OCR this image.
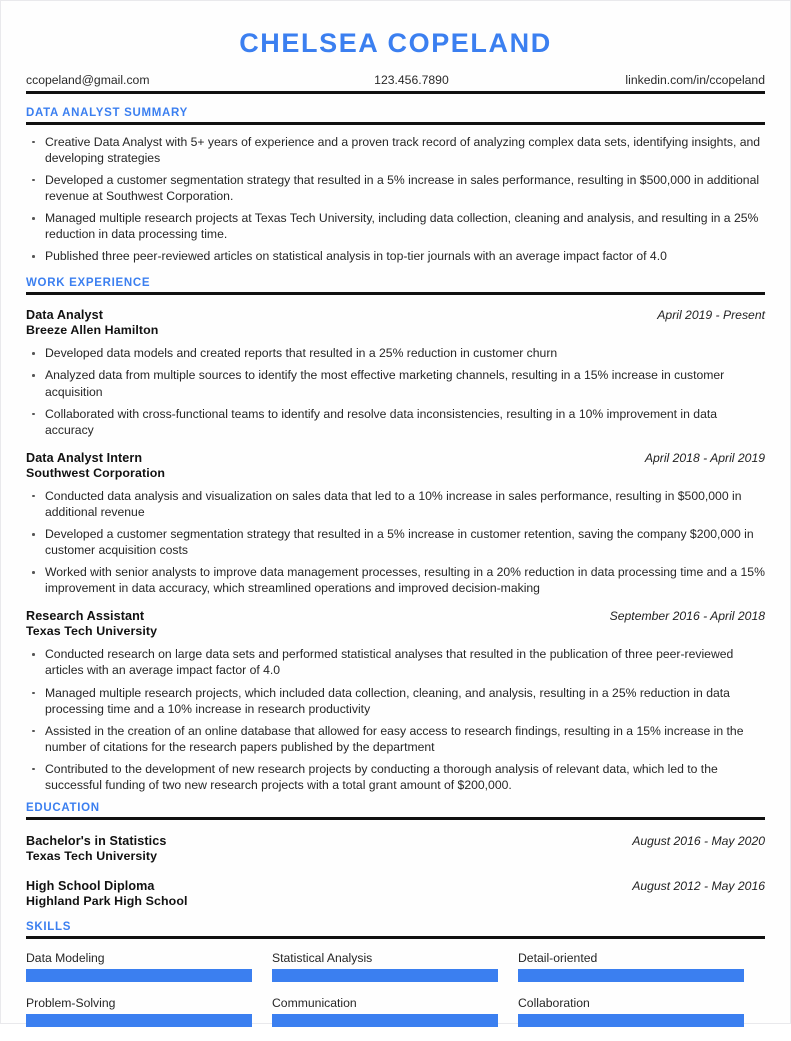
CHELSEA COPELAND
ccopeland@gmail.com	123.456.7890	linkedin.com/in/ccopeland
DATA ANALYST SUMMARY
Creative Data Analyst with 5+ years of experience and a proven track record of analyzing complex data sets, identifying insights, and developing strategies
Developed a customer segmentation strategy that resulted in a 5% increase in sales performance, resulting in $500,000 in additional revenue at Southwest Corporation.
Managed multiple research projects at Texas Tech University, including data collection, cleaning and analysis, and resulting in a 25% reduction in data processing time.
Published three peer-reviewed articles on statistical analysis in top-tier journals with an average impact factor of 4.0
WORK EXPERIENCE
Data Analyst	April 2019 - Present
Breeze Allen Hamilton
Developed data models and created reports that resulted in a 25% reduction in customer churn
Analyzed data from multiple sources to identify the most effective marketing channels, resulting in a 15% increase in customer acquisition
Collaborated with cross-functional teams to identify and resolve data inconsistencies, resulting in a 10% improvement in data accuracy
Data Analyst Intern	April 2018 - April 2019
Southwest Corporation
Conducted data analysis and visualization on sales data that led to a 10% increase in sales performance, resulting in $500,000 in additional revenue
Developed a customer segmentation strategy that resulted in a 5% increase in customer retention, saving the company $200,000 in customer acquisition costs
Worked with senior analysts to improve data management processes, resulting in a 20% reduction in data processing time and a 15% improvement in data accuracy, which streamlined operations and improved decision-making
Research Assistant	September 2016 - April 2018
Texas Tech University
Conducted research on large data sets and performed statistical analyses that resulted in the publication of three peer-reviewed articles with an average impact factor of 4.0
Managed multiple research projects, which included data collection, cleaning, and analysis, resulting in a 25% reduction in data processing time and a 10% increase in research productivity
Assisted in the creation of an online database that allowed for easy access to research findings, resulting in a 15% increase in the number of citations for the research papers published by the department
Contributed to the development of new research projects by conducting a thorough analysis of relevant data, which led to the successful funding of two new research projects with a total grant amount of $200,000.
EDUCATION
Bachelor's in Statistics	August 2016 - May 2020
Texas Tech University
High School Diploma	August 2012 - May 2016
Highland Park High School
SKILLS
Data Modeling	Statistical Analysis	Detail-oriented
Problem-Solving	Communication	Collaboration
